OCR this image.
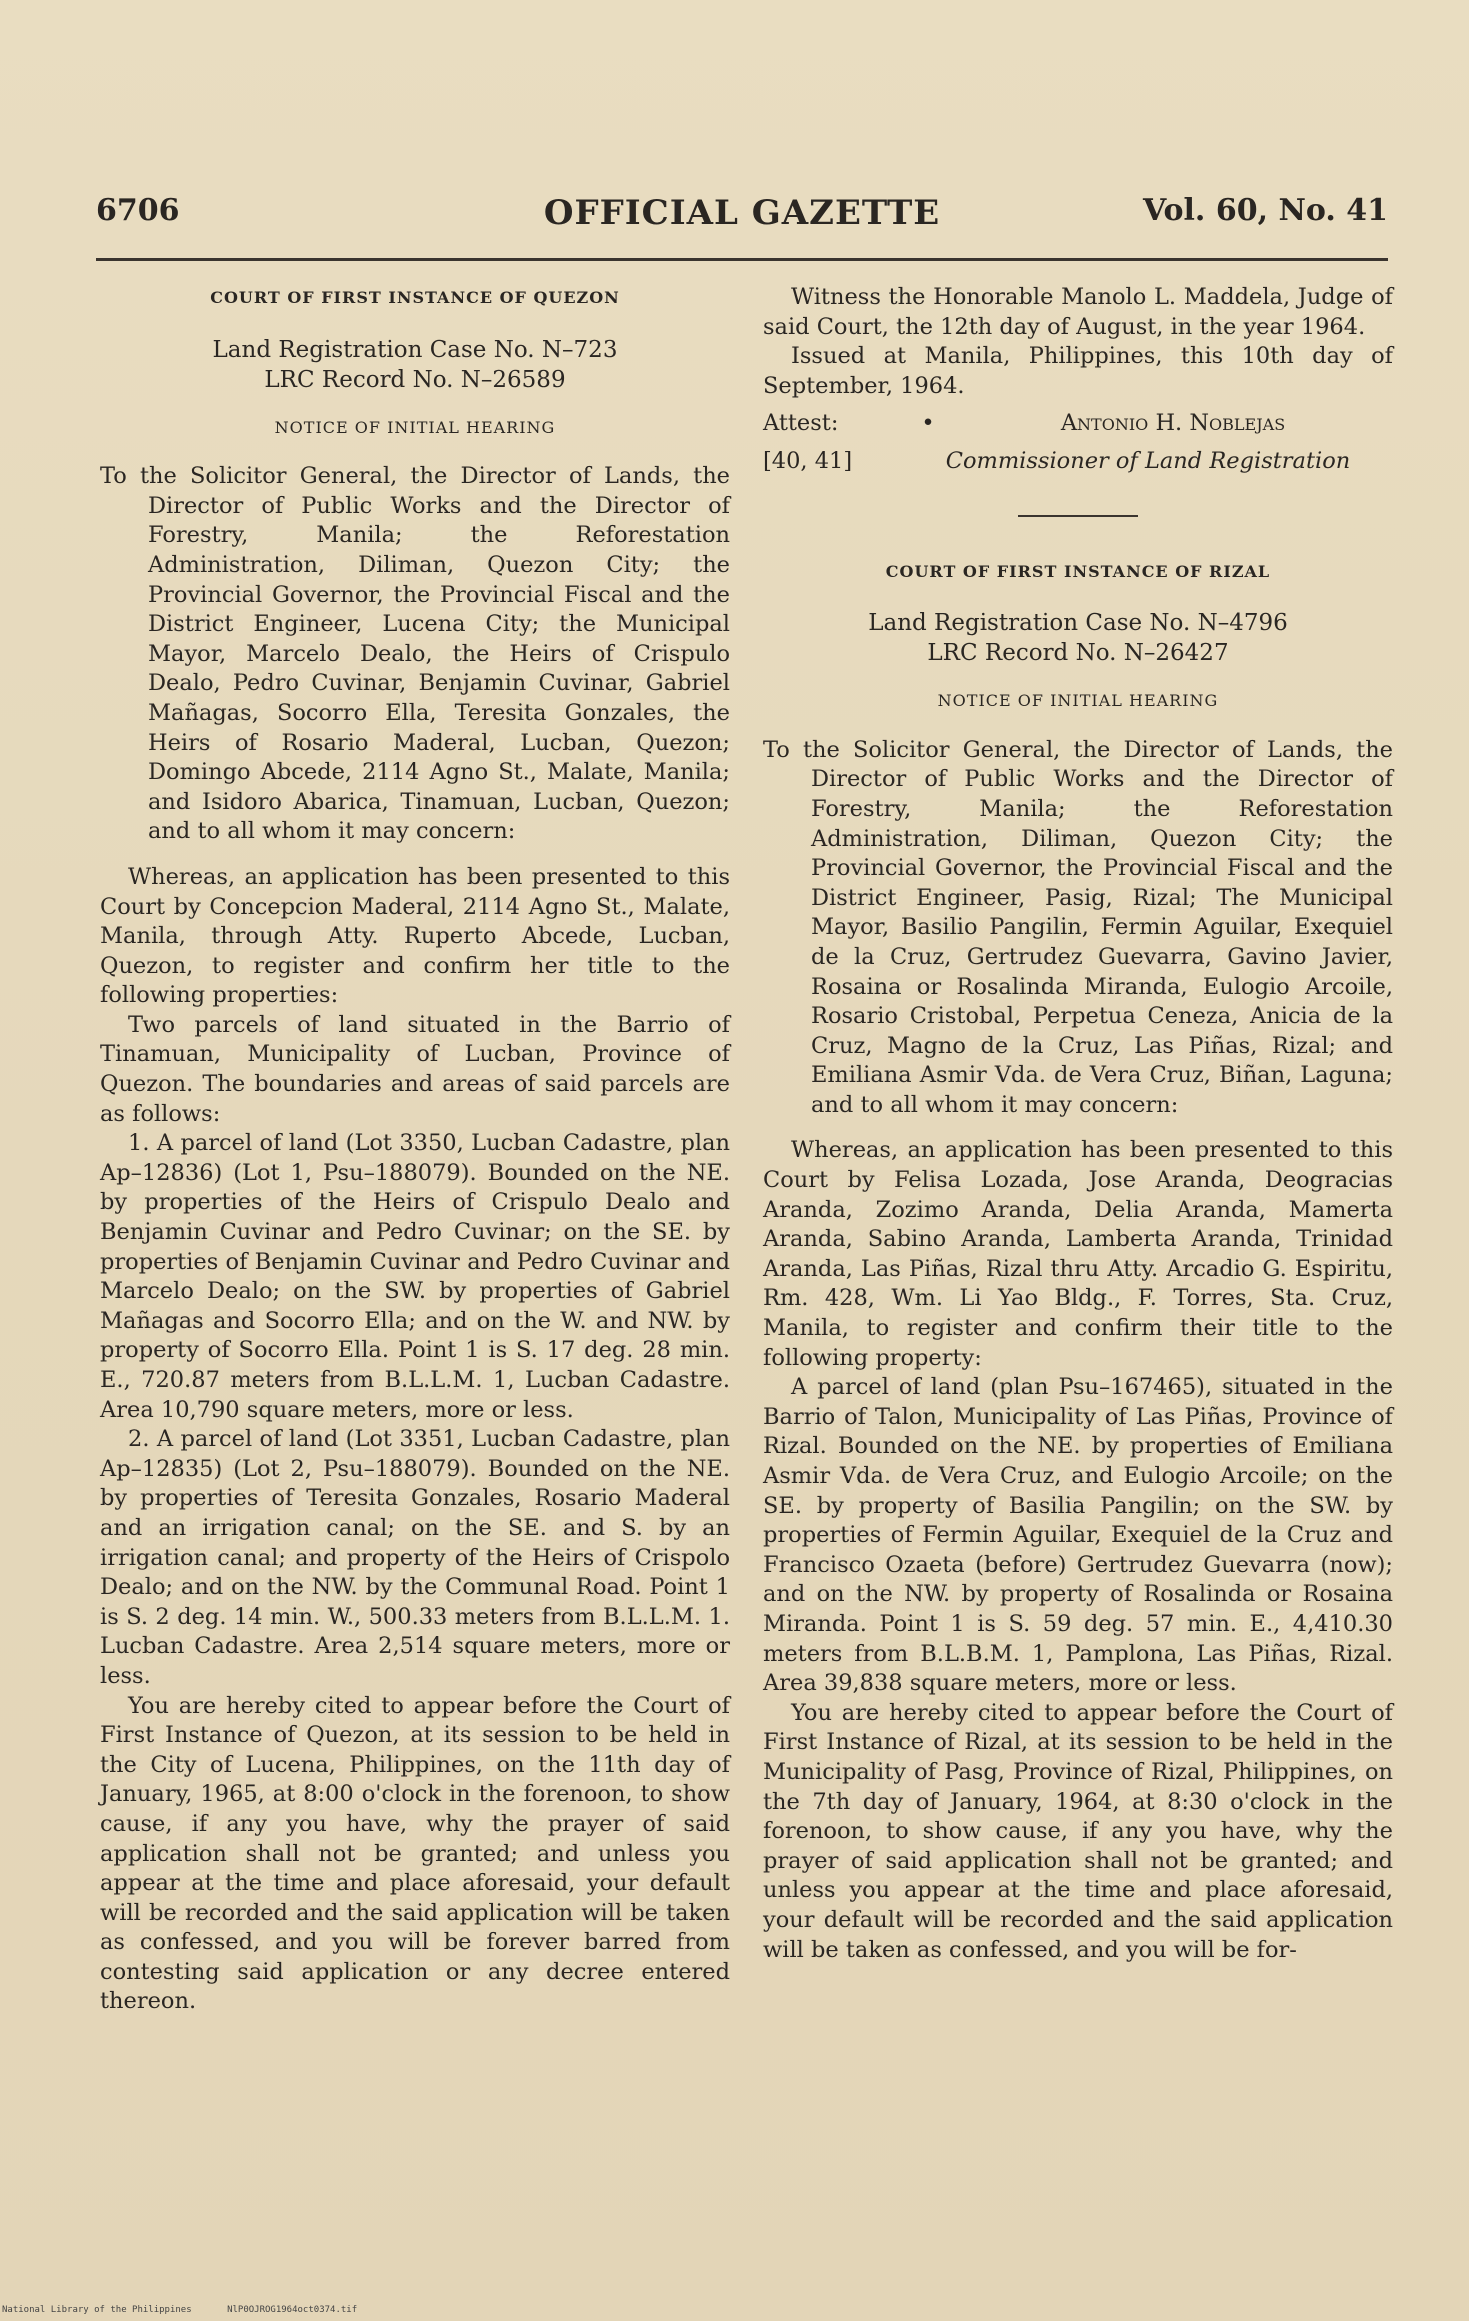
6706	OFFICIAL GAZETTE	Vol. 60, No. 41

COURT OF FIRST INSTANCE OF QUEZON

Land Registration Case No. N–723

LRC Record No. N–26589

NOTICE OF INITIAL HEARING

To the Solicitor General, the Director of Lands, the Director of Public Works and the Director of Forestry, Manila; the Reforestation Administration, Diliman, Quezon City; the Provincial Governor, the Provincial Fiscal and the District Engineer, Lucena City; the Municipal Mayor, Marcelo Dealo, the Heirs of Crispulo Dealo, Pedro Cuvinar, Benjamin Cuvinar, Gabriel Mañagas, Socorro Ella, Teresita Gonzales, the Heirs of Rosario Maderal, Lucban, Quezon; Domingo Abcede, 2114 Agno St., Malate, Manila; and Isidoro Abarica, Tinamuan, Lucban, Quezon; and to all whom it may concern:

Whereas, an application has been presented to this Court by Concepcion Maderal, 2114 Agno St., Malate, Manila, through Atty. Ruperto Abcede, Lucban, Quezon, to register and confirm her title to the following properties:

Two parcels of land situated in the Barrio of Tinamuan, Municipality of Lucban, Province of Quezon. The boundaries and areas of said parcels are as follows:

1. A parcel of land (Lot 3350, Lucban Cadastre, plan Ap–12836) (Lot 1, Psu–188079). Bounded on the NE. by properties of the Heirs of Crispulo Dealo and Benjamin Cuvinar and Pedro Cuvinar; on the SE. by properties of Benjamin Cuvinar and Pedro Cuvinar and Marcelo Dealo; on the SW. by properties of Gabriel Mañagas and Socorro Ella; and on the W. and NW. by property of Socorro Ella. Point 1 is S. 17 deg. 28 min. E., 720.87 meters from B.L.L.M. 1, Lucban Cadastre. Area 10,790 square meters, more or less.

2. A parcel of land (Lot 3351, Lucban Cadastre, plan Ap–12835) (Lot 2, Psu–188079). Bounded on the NE. by properties of Teresita Gonzales, Rosario Maderal and an irrigation canal; on the SE. and S. by an irrigation canal; and property of the Heirs of Crispolo Dealo; and on the NW. by the Communal Road. Point 1 is S. 2 deg. 14 min. W., 500.33 meters from B.L.L.M. 1. Lucban Cadastre. Area 2,514 square meters, more or less.

You are hereby cited to appear before the Court of First Instance of Quezon, at its session to be held in the City of Lucena, Philippines, on the 11th day of January, 1965, at 8:00 o'clock in the forenoon, to show cause, if any you have, why the prayer of said application shall not be granted; and unless you appear at the time and place aforesaid, your default will be recorded and the said application will be taken as confessed, and you will be forever barred from contesting said application or any decree entered thereon.

Witness the Honorable Manolo L. Maddela, Judge of said Court, the 12th day of August, in the year 1964.

Issued at Manila, Philippines, this 10th day of September, 1964.

Attest:	•	Antonio H. Noblejas
[40, 41]	Commissioner of Land Registration

COURT OF FIRST INSTANCE OF RIZAL

Land Registration Case No. N–4796

LRC Record No. N–26427

NOTICE OF INITIAL HEARING

To the Solicitor General, the Director of Lands, the Director of Public Works and the Director of Forestry, Manila; the Reforestation Administration, Diliman, Quezon City; the Provincial Governor, the Provincial Fiscal and the District Engineer, Pasig, Rizal; The Municipal Mayor, Basilio Pangilin, Fermin Aguilar, Exequiel de la Cruz, Gertrudez Guevarra, Gavino Javier, Rosaina or Rosalinda Miranda, Eulogio Arcoile, Rosario Cristobal, Perpetua Ceneza, Anicia de la Cruz, Magno de la Cruz, Las Piñas, Rizal; and Emiliana Asmir Vda. de Vera Cruz, Biñan, Laguna; and to all whom it may concern:

Whereas, an application has been presented to this Court by Felisa Lozada, Jose Aranda, Deogracias Aranda, Zozimo Aranda, Delia Aranda, Mamerta Aranda, Sabino Aranda, Lamberta Aranda, Trinidad Aranda, Las Piñas, Rizal thru Atty. Arcadio G. Espiritu, Rm. 428, Wm. Li Yao Bldg., F. Torres, Sta. Cruz, Manila, to register and confirm their title to the following property:

A parcel of land (plan Psu–167465), situated in the Barrio of Talon, Municipality of Las Piñas, Province of Rizal. Bounded on the NE. by properties of Emiliana Asmir Vda. de Vera Cruz, and Eulogio Arcoile; on the SE. by property of Basilia Pangilin; on the SW. by properties of Fermin Aguilar, Exequiel de la Cruz and Francisco Ozaeta (before) Gertrudez Guevarra (now); and on the NW. by property of Rosalinda or Rosaina Miranda. Point 1 is S. 59 deg. 57 min. E., 4,410.30 meters from B.L.B.M. 1, Pamplona, Las Piñas, Rizal. Area 39,838 square meters, more or less.

You are hereby cited to appear before the Court of First Instance of Rizal, at its session to be held in the Municipality of Pasg, Province of Rizal, Philippines, on the 7th day of January, 1964, at 8:30 o'clock in the forenoon, to show cause, if any you have, why the prayer of said application shall not be granted; and unless you appear at the time and place aforesaid, your default will be recorded and the said application will be taken as confessed, and you will be for-

National Library of the Philippines	NlP0OJROG1964oct0374.tif
